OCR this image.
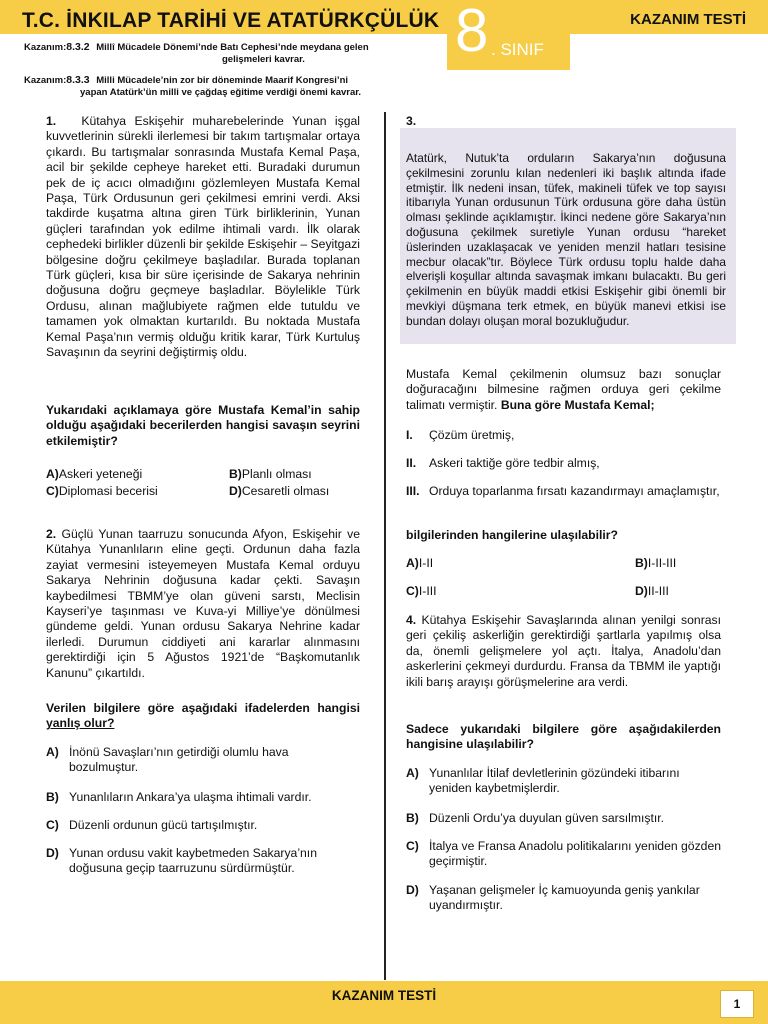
T.C. İNKILAP TARİHİ VE ATATÜRKÇÜLÜK 8 . SINIF
KAZANIM TESTİ
Kazanım:8.3.2 Millî Mücadele Dönemi’nde Batı Cephesi’nde meydana gelen
gelişmeleri kavrar.
Kazanım:8.3.3 Milli Mücadele’nin zor bir döneminde Maarif Kongresi’ni
yapan Atatürk’ün milli ve çağdaş eğitime verdiği önemi kavrar.

1. Kütahya Eskişehir muharebelerinde Yunan işgal kuvvetlerinin sürekli ilerlemesi bir takım tartışmalar ortaya çıkardı. Bu tartışmalar sonrasında Mustafa Kemal Paşa, acil bir şekilde cepheye hareket etti. Buradaki durumun pek de iç acıcı olmadığını gözlemleyen Mustafa Kemal Paşa, Türk Ordusunun geri çekilmesi emrini verdi. Aksi takdirde kuşatma altına giren Türk birliklerinin, Yunan güçleri tarafından yok edilme ihtimali vardı. İlk olarak cephedeki birlikler düzenli bir şekilde Eskişehir – Seyitgazi bölgesine doğru çekilmeye başladılar. Burada toplanan Türk güçleri, kısa bir süre içerisinde de Sakarya nehrinin doğusuna doğru geçmeye başladılar. Böylelikle Türk Ordusu, alınan mağlubiyete rağmen elde tutuldu ve tamamen yok olmaktan kurtarıldı. Bu noktada Mustafa Kemal Paşa’nın vermiş olduğu kritik karar, Türk Kurtuluş Savaşının da seyrini değiştirmiş oldu.

Yukarıdaki açıklamaya göre Mustafa Kemal’in sahip olduğu aşağıdaki becerilerden hangisi savaşın seyrini etkilemiştir?

A)Askeri yeteneği	B)Planlı olması
C)Diplomasi becerisi	D)Cesaretli olması

2. Güçlü Yunan taarruzu sonucunda Afyon, Eskişehir ve Kütahya Yunanlıların eline geçti. Ordunun daha fazla zayiat vermesini isteyemeyen Mustafa Kemal orduyu Sakarya Nehrinin doğusuna kadar çekti. Savaşın kaybedilmesi TBMM’ye olan güveni sarstı, Meclisin Kayseri’ye taşınması ve Kuva-yi Milliye’ye dönülmesi gündeme geldi. Yunan ordusu Sakarya Nehrine kadar ilerledi. Durumun ciddiyeti ani kararlar alınmasını gerektirdiği için 5 Ağustos 1921’de “Başkomutanlık Kanunu” çıkartıldı.

Verilen bilgilere göre aşağıdaki ifadelerden hangisi yanlış olur?

A) İnönü Savaşları’nın getirdiği olumlu hava bozulmuştur.
B) Yunanlıların Ankara’ya ulaşma ihtimali vardır.
C) Düzenli ordunun gücü tartışılmıştır.
D) Yunan ordusu vakit kaybetmeden Sakarya’nın doğusuna geçip taarruzunu sürdürmüştür.
3.

Atatürk, Nutuk’ta orduların Sakarya’nın doğusuna çekilmesini zorunlu kılan nedenleri iki başlık altında ifade etmiştir. İlk nedeni insan, tüfek, makineli tüfek ve top sayısı itibarıyla Yunan ordusunun Türk ordusuna göre daha üstün olması şeklinde açıklamıştır. İkinci nedene göre Sakarya’nın doğusuna çekilmek suretiyle Yunan ordusu “hareket üslerinden uzaklaşacak ve yeniden menzil hatları tesisine mecbur olacak”tır. Böylece Türk ordusu toplu halde daha elverişli koşullar altında savaşmak imkanı bulacaktı. Bu geri çekilmenin en büyük maddi etkisi Eskişehir gibi önemli bir mevkiyi düşmana terk etmek, en büyük manevi etkisi ise bundan dolayı oluşan moral bozukluğudur.

Mustafa Kemal çekilmenin olumsuz bazı sonuçlar doğuracağını bilmesine rağmen orduya geri çekilme talimatı vermiştir. Buna göre Mustafa Kemal;

I.	Çözüm üretmiş,
II.	Askeri taktiğe göre tedbir almış,
III. Orduya toparlanma fırsatı kazandırmayı amaçlamıştır,

bilgilerinden hangilerine ulaşılabilir?

A)I-II	B)I-II-III
C)I-III	D)II-III

4. Kütahya Eskişehir Savaşlarında alınan yenilgi sonrası geri çekiliş askerliğin gerektirdiği şartlarla yapılmış olsa da, önemli gelişmelere yol açtı. İtalya, Anadolu’dan askerlerini çekmeyi durdurdu. Fransa da TBMM ile yaptığı ikili barış arayışı görüşmelerine ara verdi.

Sadece yukarıdaki bilgilere göre aşağıdakilerden hangisine ulaşılabilir?

A) Yunanlılar İtilaf devletlerinin gözündeki itibarını yeniden kaybetmişlerdir.
B) Düzenli Ordu’ya duyulan güven sarsılmıştır.
C) İtalya ve Fransa Anadolu politikalarını yeniden gözden geçirmiştir.
D) Yaşanan gelişmeler İç kamuoyunda geniş yankılar uyandırmıştır.
KAZANIM TESTİ
1
